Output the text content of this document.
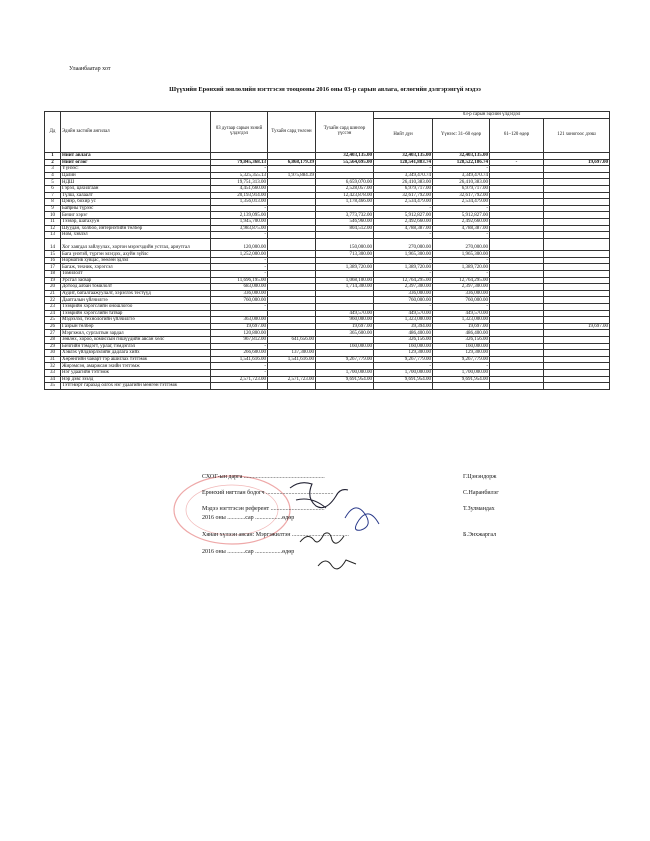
Улаанбаатар хот
Шүүхийн Ерөнхий зөвлөлийн нэгтгэсэн тооцооны 2016 оны 03-р сарын авлага, өглөгийн дэлгэрэнгүй мэдээ
Дд	Эдийн засгийн ангилал	03 дугаар сарын эхний үлдэгдэл	Тухайн сард төлсөн	Тухайн сард шинээр үүссэн	03-р сарын эцсийн үлдэгдэл			
					Нийт дүн	Үүнээс: 31–60 өдөр	61–120 өдөр	121 хоногоос дээш
1	Нийт авлага			32,403,135.00	32,403,135.00	32,403,135.00		
2	Нийт өглөг	79,845,368.13	6,868,179.39	55,564,695.00	128,541,883.74	128,522,186.74	-	19,697.00
3	Үүнээс:	-			-	-		
4	Цалин	5,325,355.13	1,975,884.39		3,349,470.74	3,349,470.74		
5	НДШ	19,751,313.00		6,659,070.00	26,410,383.00	26,410,383.00		
6	Гэрэл, цахилгаан	4,451,660.00		2,528,057.00	6,979,717.00	6,979,717.00		
7	Түлш, халаалт	20,193,914.00		12,423,878.00	32,617,792.00	32,617,792.00		
8	Цэвэр, бохир ус	1,356,013.00		1,178,466.00	2,534,479.00	2,534,479.00		
9	Байрны түрээс	-			-	-		
10	Бичиг хэрэг	2,139,095.00		3,773,732.00	5,912,827.00	5,912,827.00		
11	Тээвэр, шатахуун	1,945,700.00		546,960.00	2,492,660.00	2,492,660.00		
12	Шуудан, холбоо, интернэтийн төлбөр	3,983,875.00		804,512.00	4,788,387.00	4,788,387.00		
13	Ном, хэвлэл	-			-	-		
14	Хог хаягдал зайлуулах, хортон мэрэгчдийн устгал, ариутгал	120,000.00		150,000.00	270,000.00	270,000.00		
15	Бага үнэтэй, түргэн элэгдэх, ахуйн зүйлс	1,252,000.00		713,300.00	1,965,300.00	1,965,300.00		
16	Норматив хувцас, зөөлөн эдлэл	-			-	-		
17	Багаж, техник, хэрэгсэл	-		1,389,720.00	1,389,720.00	1,389,720.00		
18	Томилолт	-			-	-		
19	Урсгал засвар	11,696,195.00		1,068,100.00	12,764,295.00	12,764,295.00		
20	Дотоод албан томилолт	683,000.00		1,714,300.00	2,397,300.00	2,397,300.00		
21	Аудит, баталгаажуулалт, хэрэглэх тестүүд	336,000.00			336,000.00	336,000.00		
22	Даатгалын үйлчилгээ	760,000.00			760,000.00	760,000.00		
23	Тээврийн хэрэгслийн оношлогоо	-			-	-		
24	Тээврийн хэрэгслийн татвар			449,570.00	449,570.00	449,570.00		
25	Мэдээлэл, технологийн үйлчилгээ	363,000.00		960,000.00	1,323,000.00	1,323,000.00		
26	Газрын төлбөр	19,697.00		19,697.00	39,394.00	19,697.00		19,697.00
27	Мэргэжил, сургалтын зардал	120,800.00		365,600.00	486,400.00	486,400.00		
28	Зөвлөх, хороо, комиссын гишүүдийн авсан хөлс	967,812.00	641,656.00		326,156.00	326,156.00		
29	Бичгийн тэмдэгт, урлаг, тэмдэглэл	-		160,000.00	160,000.00	160,000.00		
30	Хэвлэх үйлдвэрлэлийн дадлага хийх	266,600.00	137,300.00		129,300.00	129,300.00		
31	Хөрөнгийн чанарт тэр ашиглах тэтгэмж	1,541,616.00	1,541,616.00	9,267,779.00	9,267,779.00	9,267,779.00		
32	Жирэмсэн, амаржсан эхийн тэтгэмж	-			-	-		
33	Нэг удаагийн тэтгэмж	-		1,700,000.00	1,700,000.00	1,700,000.00		
34	Нэр дэвс зээлд	2,571,723.00	2,571,723.00	9,691,954.00	9,691,954.00	9,691,954.00		
35	Тэтгэвэрт гарахад олгох нэг удаагийн мөнгөн тэтгэмж							
СХОГ-ын дарга ......................................................	Г.Цэнэндорж
Ерөнхий нягтлан бодогч .............................................	С.Наранбилэг
Мэдээ нэгтгэсэн референт ....................................	Т.Зулмандах
2016 оны ............сар ..................өдөр
Хянан хүлээн авсан: Мэргэжилтэн ......................................	Б.Энхжаргал
2016 оны ............сар ..................өдөр
